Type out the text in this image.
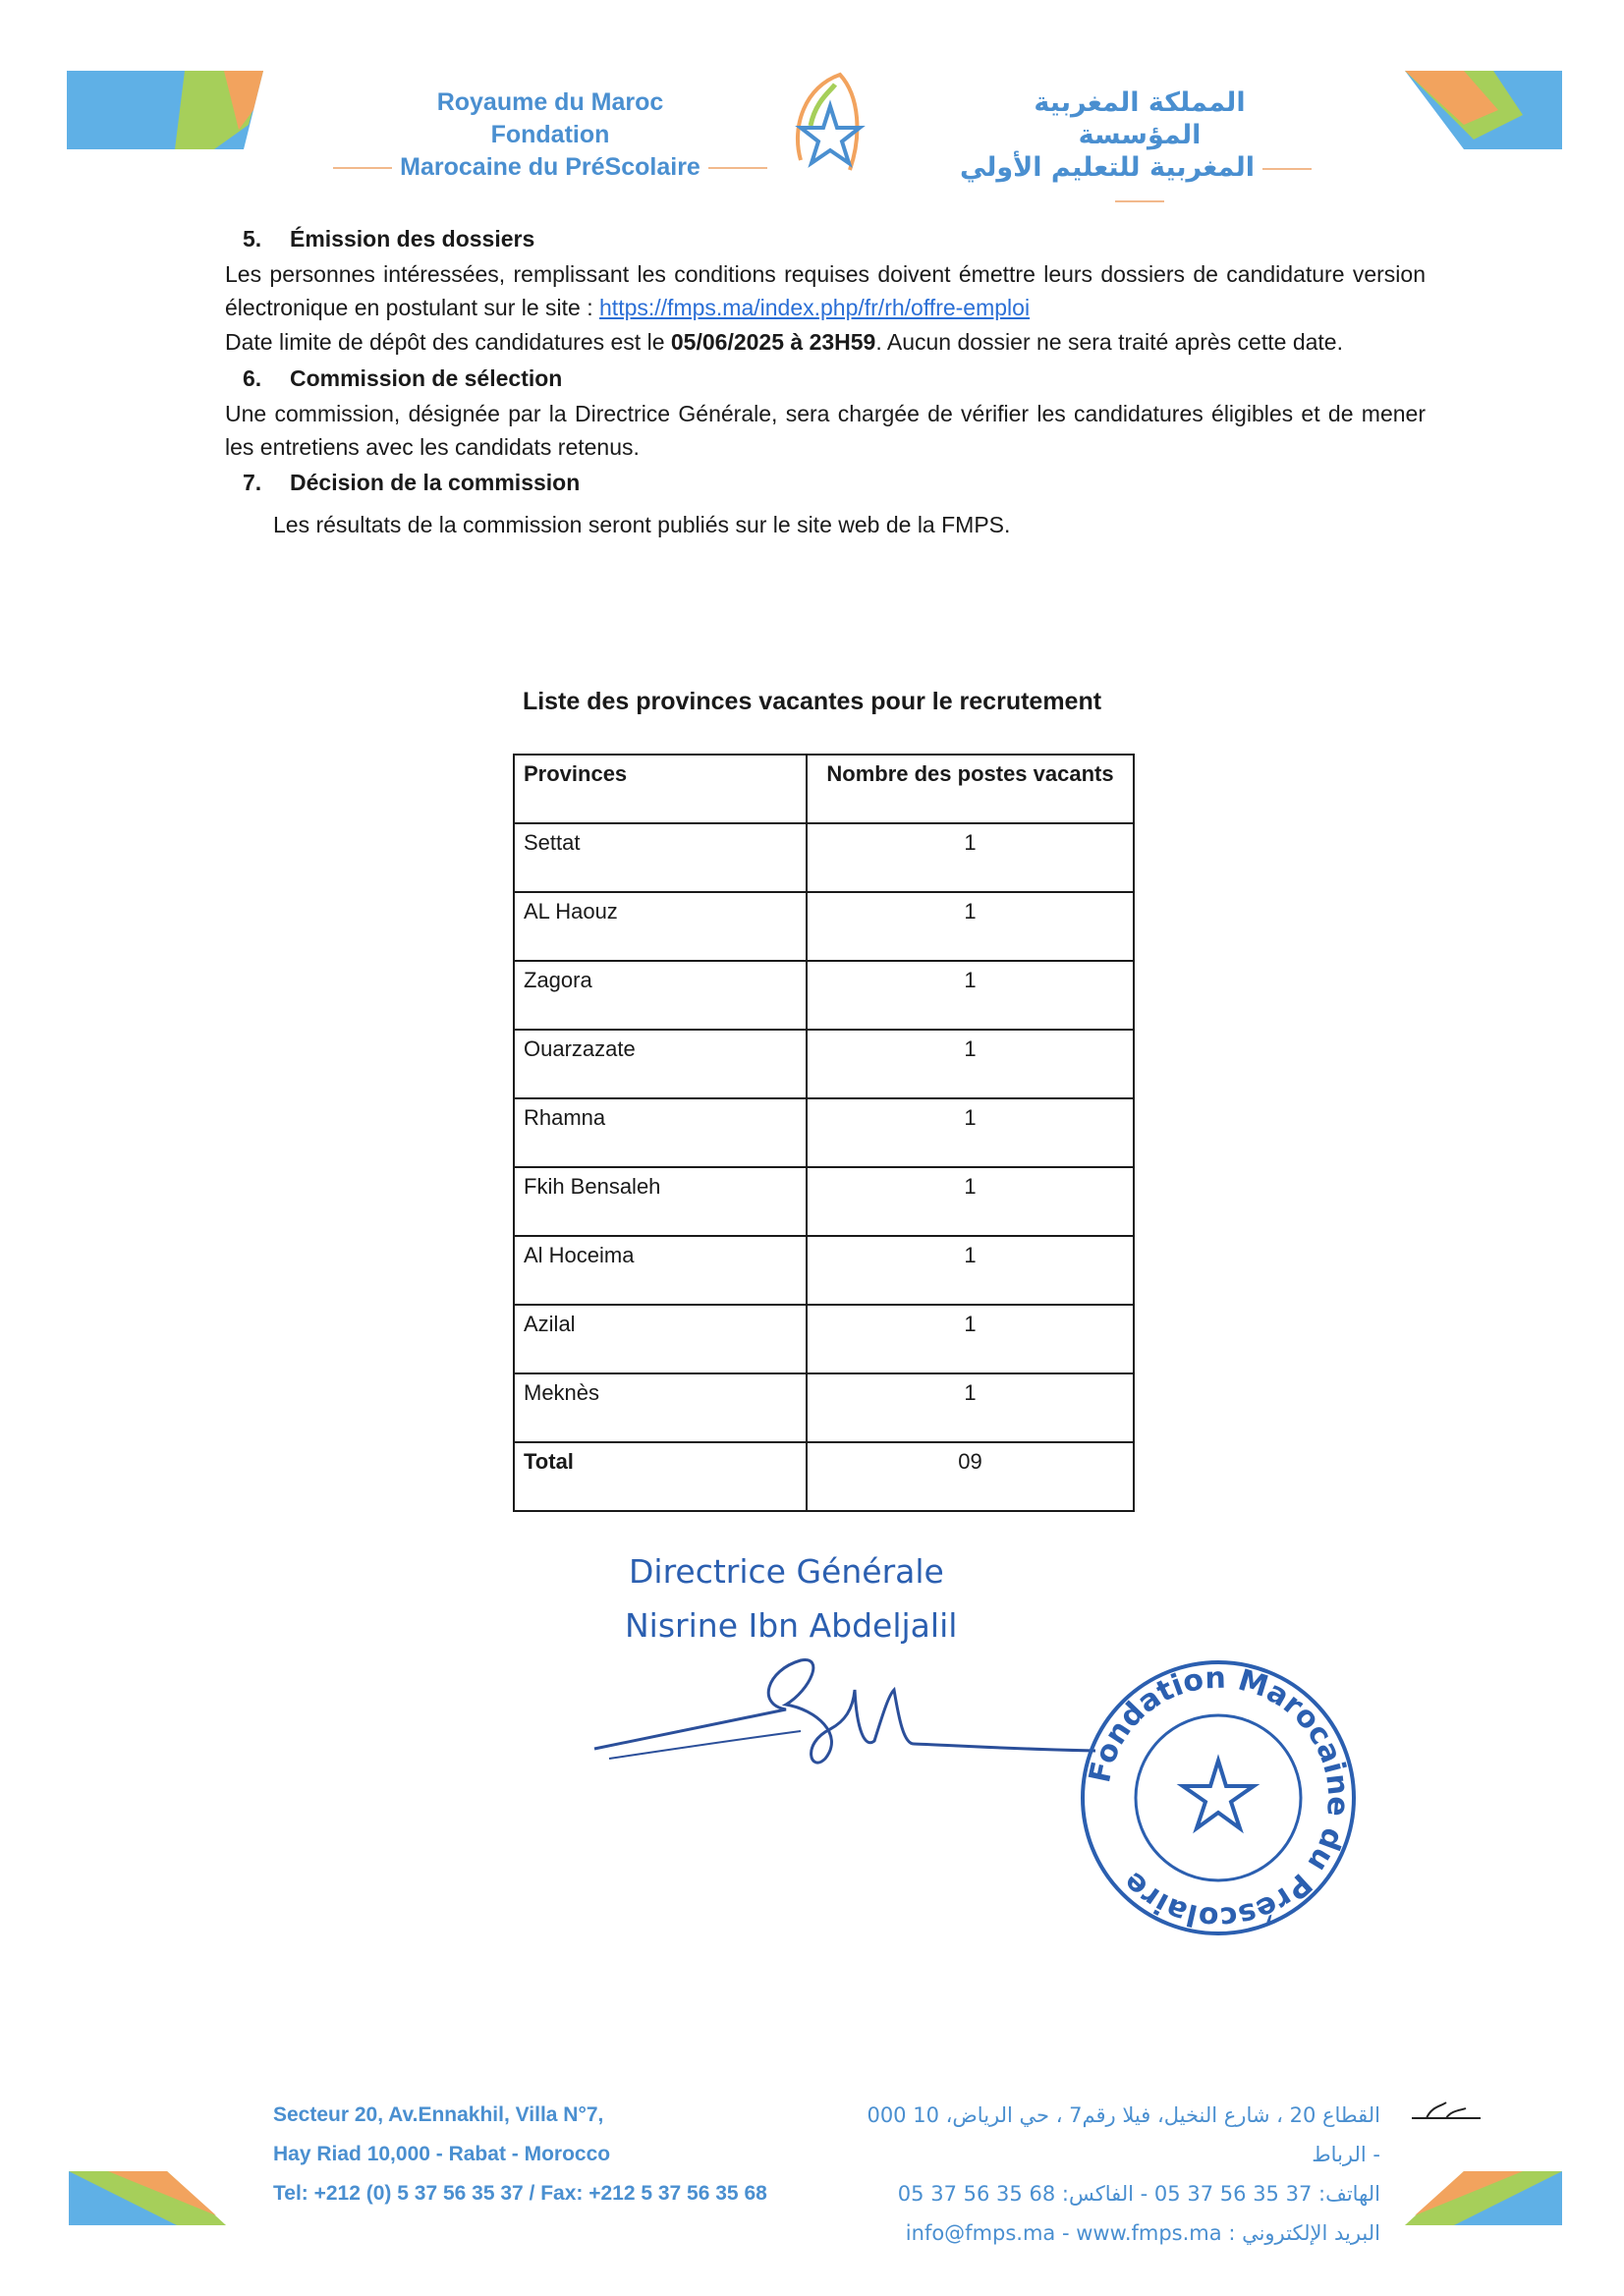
Royaume du Maroc
Fondation
Marocaine du PréScolaire
المملكة المغربية
المؤسسة
المغربية للتعليم الأولي
5. Émission des dossiers
Les personnes intéressées, remplissant les conditions requises doivent émettre leurs dossiers de candidature version électronique en postulant sur le site : https://fmps.ma/index.php/fr/rh/offre-emploi
Date limite de dépôt des candidatures est le 05/06/2025 à 23H59. Aucun dossier ne sera traité après cette date.
6. Commission de sélection
Une commission, désignée par la Directrice Générale, sera chargée de vérifier les candidatures éligibles et de mener les entretiens avec les candidats retenus.
7. Décision de la commission
Les résultats de la commission seront publiés sur le site web de la FMPS.
Liste des provinces vacantes pour le recrutement
Provinces	Nombre des postes vacants
Settat	1
AL Haouz	1
Zagora	1
Ouarzazate	1
Rhamna	1
Fkih Bensaleh	1
Al Hoceima	1
Azilal	1
Meknès	1
Total	09
Directrice Générale
Nisrine Ibn Abdeljalil
Fondation Marocaine du Préscolaire
Secteur 20, Av.Ennakhil, Villa N°7,
Hay Riad 10,000 - Rabat - Morocco
Tel: +212 (0) 5 37 56 35 37 / Fax: +212 5 37 56 35 68
القطاع 20 ، شارع النخيل، فيلا رقم7 ، حي الرياض، 10 000 - الرباط
الهاتف: 37 35 56 37 05 - الفاكس: 68 35 56 37 05
البريد الإلكتروني : info@fmps.ma - www.fmps.ma
